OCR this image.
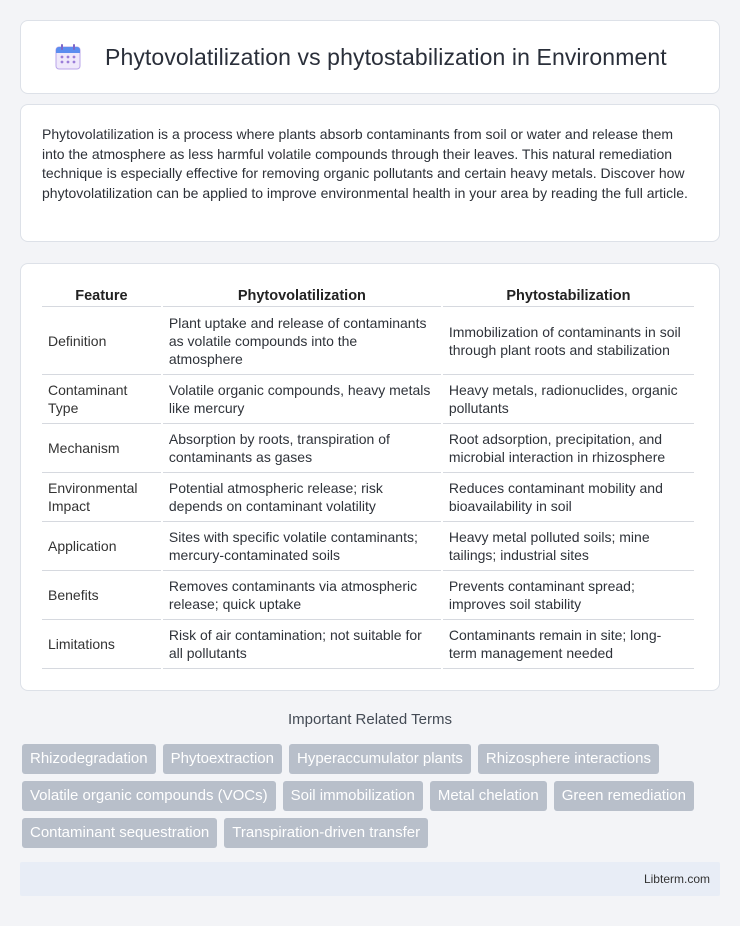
Phytovolatilization vs phytostabilization in Environment

Phytovolatilization is a process where plants absorb contaminants from soil or water and release them into the atmosphere as less harmful volatile compounds through their leaves. This natural remediation technique is especially effective for removing organic pollutants and certain heavy metals. Discover how phytovolatilization can be applied to improve environmental health in your area by reading the full article.

Feature	Phytovolatilization	Phytostabilization
Definition	Plant uptake and release of contaminants as volatile compounds into the atmosphere	Immobilization of contaminants in soil through plant roots and stabilization
Contaminant Type	Volatile organic compounds, heavy metals like mercury	Heavy metals, radionuclides, organic pollutants
Mechanism	Absorption by roots, transpiration of contaminants as gases	Root adsorption, precipitation, and microbial interaction in rhizosphere
Environmental Impact	Potential atmospheric release; risk depends on contaminant volatility	Reduces contaminant mobility and bioavailability in soil
Application	Sites with specific volatile contaminants; mercury-contaminated soils	Heavy metal polluted soils; mine tailings; industrial sites
Benefits	Removes contaminants via atmospheric release; quick uptake	Prevents contaminant spread; improves soil stability
Limitations	Risk of air contamination; not suitable for all pollutants	Contaminants remain in site; long-term management needed
Important Related Terms
Rhizodegradation	Phytoextraction	Hyperaccumulator plants	Rhizosphere interactions
Volatile organic compounds (VOCs)	Soil immobilization	Metal chelation	Green remediation
Contaminant sequestration	Transpiration-driven transfer
Libterm.com
